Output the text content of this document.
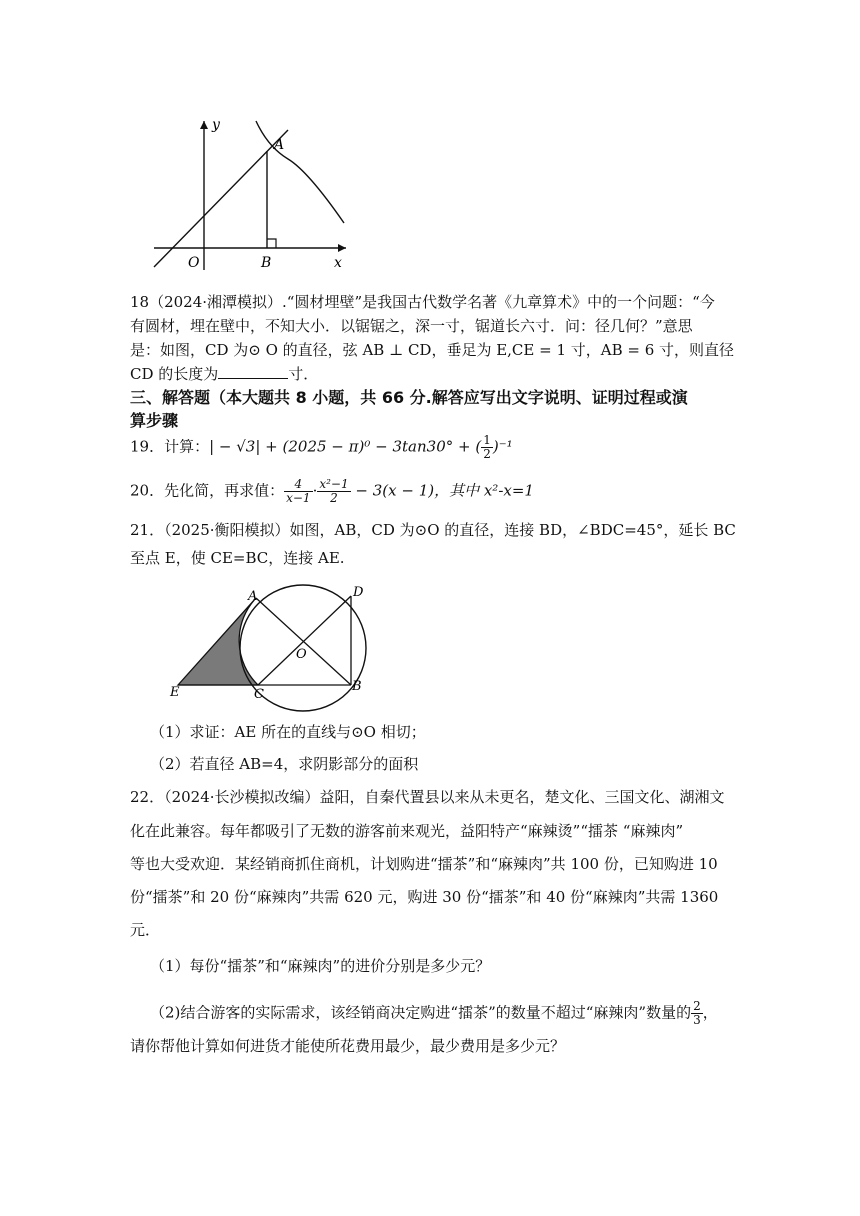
y
x
O
A
B
18（2024·湘潭模拟）.“圆材埋壁”是我国古代数学名著《九章算术》中的一个问题：“今
有圆材，埋在壁中，不知大小．以锯锯之，深一寸，锯道长六寸．问：径几何？”意思
是：如图，CD 为⊙ O 的直径，弦 AB ⊥ CD，垂足为 E,CE = 1 寸，AB = 6 寸，则直径
CD 的长度为	寸．
三、解答题（本大题共 8 小题，共 66 分.解答应写出文字说明、证明过程或演
算步骤
19．计算：| − √3| + (2025 − π)⁰ − 3tan30° + ( $\frac{1}{2} )^{-1}$
20．先化简，再求值： $\frac{4}{x-1} \cdot \frac{\text{x²−1}}{2} - 3(x - 1)$，其中 x²-x=1
21．（2025·衡阳模拟）如图，AB，CD 为⊙O 的直径，连接 BD，∠BDC=45°，延长 BC
至点 E，使 CE=BC，连接 AE.
A	D
O
E	C
B
（1）求证：AE 所在的直线与⊙O 相切；
（2）若直径 AB=4，求阴影部分的面积
22．（2024·长沙模拟改编）益阳，自秦代置县以来从未更名，楚文化、三国文化、湖湘文
化在此兼容。每年都吸引了无数的游客前来观光，益阳特产“麻辣烫”“擂茶 “麻辣肉”
等也大受欢迎．某经销商抓住商机，计划购进“擂茶”和“麻辣肉”共 100 份，已知购进 10
份“擂茶”和 20 份“麻辣肉”共需 620 元，购进 30 份“擂茶”和 40 份“麻辣肉”共需 1360
元．
（1）每份“擂茶”和“麻辣肉”的进价分别是多少元？
（2)结合游客的实际需求，该经销商决定购进“擂茶”的数量不超过“麻辣肉”数量的 $\frac{2}{3}$ ，
请你帮他计算如何进货才能使所花费用最少，最少费用是多少元？
